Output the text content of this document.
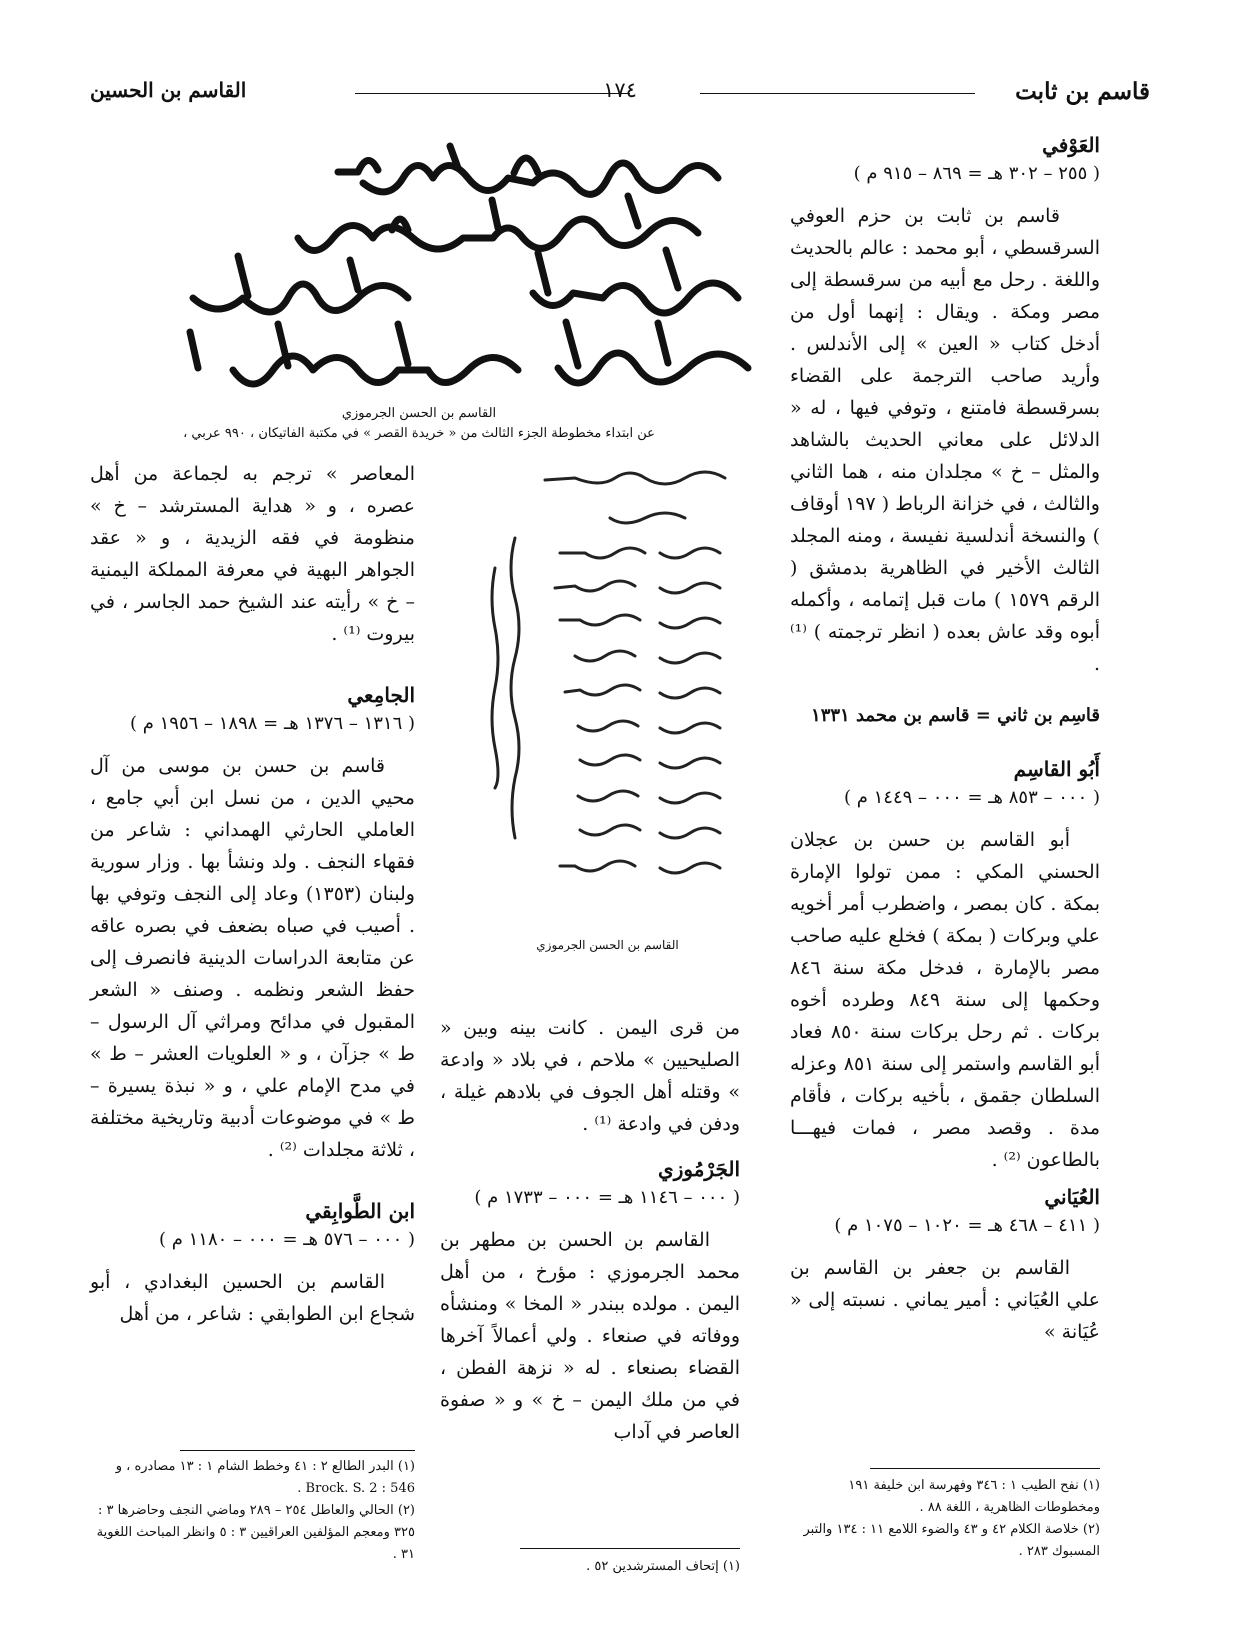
قاسم بن ثابت
١٧٤
القاسم بن الحسين
القاسم بن الحسن الجرموزي
عن ابتداء مخطوطة الجزء الثالث من « خريدة القصر » في مكتبة الفاتيكان ، ٩٩٠ عربي ،
القاسم بن الحسن الجرموزي
العَوْفي
( ٢٥٥ – ٣٠٢ هـ = ٨٦٩ – ٩١٥ م )

قاسم بن ثابت بن حزم العوفي السرقسطي ، أبو محمد : عالم بالحديث واللغة . رحل مع أبيه من سرقسطة إلى مصر ومكة . ويقال : إنهما أول من أدخل كتاب « العين » إلى الأندلس . وأريد صاحب الترجمة على القضاء بسرقسطة فامتنع ، وتوفي فيها ، له « الدلائل على معاني الحديث بالشاهد والمثل – خ » مجلدان منه ، هما الثاني والثالث ، في خزانة الرباط ( ١٩٧ أوقاف ) والنسخة أندلسية نفيسة ، ومنه المجلد الثالث الأخير في الظاهرية بدمشق ( الرقم ١٥٧٩ ) مات قبل إتمامه ، وأكمله أبوه وقد عاش بعده ( انظر ترجمته ) ⁽¹⁾ .

قاسِم بن ثاني = قاسم بن محمد ١٣٣١
أَبُو القاسِم
( ٠٠٠ – ٨٥٣ هـ = ٠٠٠ – ١٤٤٩ م )

أبو القاسم بن حسن بن عجلان الحسني المكي : ممن تولوا الإمارة بمكة . كان بمصر ، واضطرب أمر أخويه علي وبركات ( بمكة ) فخلع عليه صاحب مصر بالإمارة ، فدخل مكة سنة ٨٤٦ وحكمها إلى سنة ٨٤٩ وطرده أخوه بركات . ثم رحل بركات سنة ٨٥٠ فعاد أبو القاسم واستمر إلى سنة ٨٥١ وعزله السلطان جقمق ، بأخيه بركات ، فأقام مدة . وقصد مصر ، فمات فيهـــا بالطاعون ⁽²⁾ .

العُيَاني
( ٤١١ – ٤٦٨ هـ = ١٠٢٠ – ١٠٧٥ م )

القاسم بن جعفر بن القاسم بن علي العُيَاني : أمير يماني . نسبته إلى « عُيَانة »

من قرى اليمن . كانت بينه وبين « الصليحيين » ملاحم ، في بلاد « وادعة » وقتله أهل الجوف في بلادهم غيلة ، ودفن في وادعة ⁽¹⁾ .

الجَرْمُوزي
( ٠٠٠ – ١١٤٦ هـ = ٠٠٠ – ١٧٣٣ م )

القاسم بن الحسن بن مطهر بن محمد الجرموزي : مؤرخ ، من أهل اليمن . مولده ببندر « المخا » ومنشأه ووفاته في صنعاء . ولي أعمالاً آخرها القضاء بصنعاء . له « نزهة الفطن ، في من ملك اليمن – خ » و « صفوة العاصر في آداب

المعاصر » ترجم به لجماعة من أهل عصره ، و « هداية المسترشد – خ » منظومة في فقه الزيدية ، و « عقد الجواهر البهية في معرفة المملكة اليمنية – خ » رأيته عند الشيخ حمد الجاسر ، في بيروت ⁽¹⁾ .

الجامِعي
( ١٣١٦ – ١٣٧٦ هـ = ١٨٩٨ – ١٩٥٦ م )

قاسم بن حسن بن موسى من آل محيي الدين ، من نسل ابن أبي جامع ، العاملي الحارثي الهمداني : شاعر من فقهاء النجف . ولد ونشأ بها . وزار سورية ولبنان (١٣٥٣) وعاد إلى النجف وتوفي بها . أصيب في صباه بضعف في بصره عاقه عن متابعة الدراسات الدينية فانصرف إلى حفظ الشعر ونظمه . وصنف « الشعر المقبول في مدائح ومراثي آل الرسول – ط » جزآن ، و « العلويات العشر – ط » في مدح الإمام علي ، و « نبذة يسيرة – ط » في موضوعات أدبية وتاريخية مختلفة ، ثلاثة مجلدات ⁽²⁾ .

ابن الطَّوابِقي
( ٠٠٠ – ٥٧٦ هـ = ٠٠٠ – ١١٨٠ م )

القاسم بن الحسين البغدادي ، أبو شجاع ابن الطوابقي : شاعر ، من أهل

(١) نفح الطيب ١ : ٣٤٦ وفهرسة ابن خليفة ١٩١ ومخطوطات الظاهرية ، اللغة ٨٨ .
(٢) خلاصة الكلام ٤٢ و ٤٣ والضوء اللامع ١١ : ١٣٤ والتبر المسبوك ٢٨٣ .
(١) إتحاف المسترشدين ٥٢ .
(١) البدر الطالع ٢ : ٤١ وخطط الشام ١ : ١٣ مصادره ، و Brock. S. 2 : 546 .
(٢) الحالي والعاطل ٢٥٤ – ٢٨٩ وماضي النجف وحاضرها ٣ : ٣٢٥ ومعجم المؤلفين العراقيين ٣ : ٥ وانظر المباحث اللغوية ٣١ .
